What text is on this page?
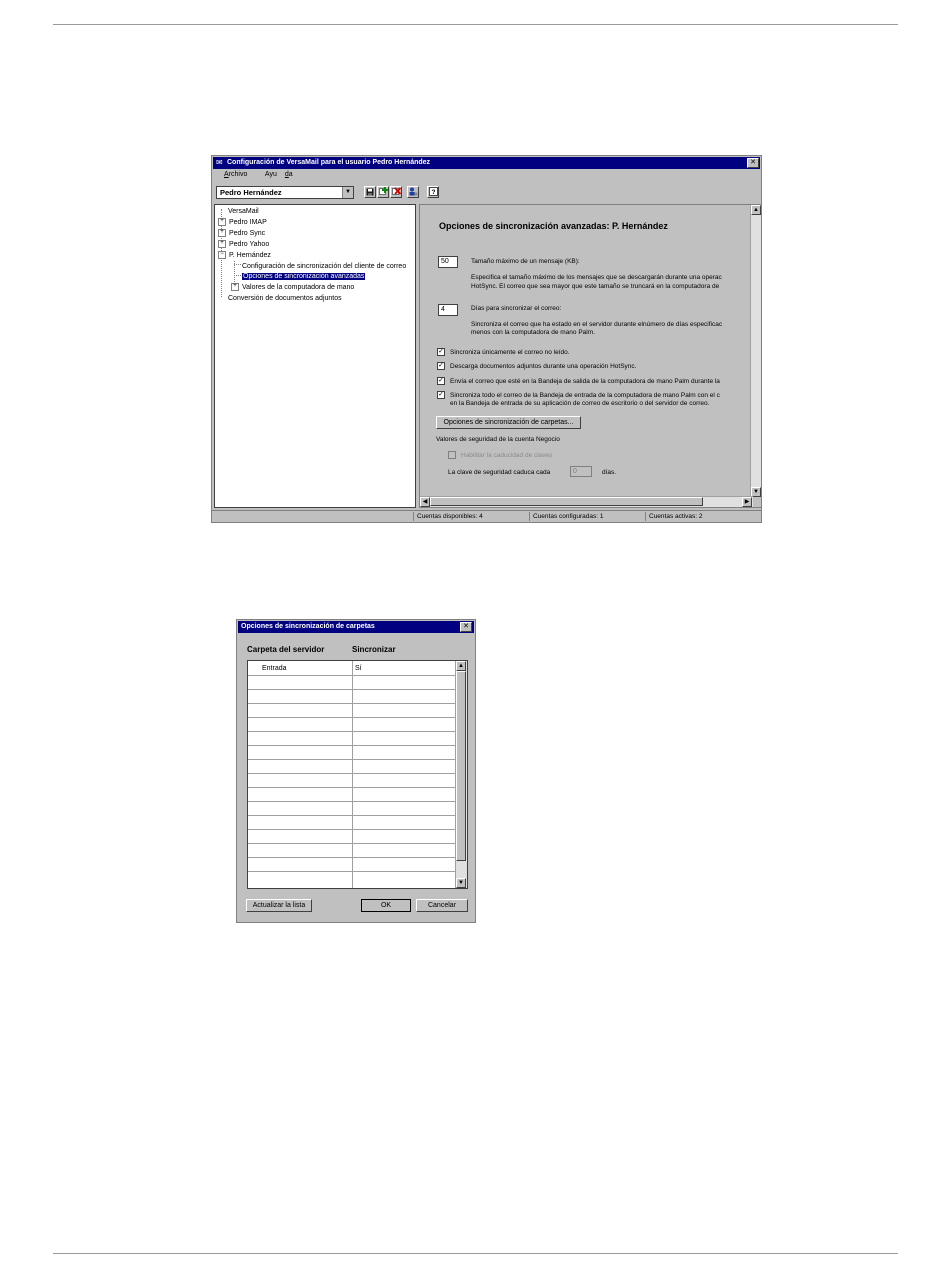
✉ Configuración de VersaMail para el usuario Pedro Hernández	✕
Archivo	Ayu da
Pedro Hernández	▼	?
VersaMail
+ Pedro IMAP
+ Pedro Sync
+ Pedro Yahoo
− P. Hernández
Configuración de sincronización del cliente de correo
Opciones de sincronización avanzadas
+ Valores de la computadora de mano
Conversión de documentos adjuntos
Opciones de sincronización avanzadas: P. Hernández
50	Tamaño máximo de un mensaje (KB):
Especifica el tamaño máximo de los mensajes que se descargarán durante una operac
HotSync. El correo que sea mayor que este tamaño se truncará en la computadora de
4	Días para sincronizar el correo:
Sincroniza el correo que ha estado en el servidor durante elnúmero de días especificac
menos con la computadora de mano Palm.
✓ Sincroniza únicamente el correo no leído.
✓ Descarga documentos adjuntos durante una operación HotSync.
✓ Envía el correo que esté en la Bandeja de salida de la computadora de mano Palm durante la
✓ Sincroniza todo el correo de la Bandeja de entrada de la computadora de mano Palm con el c
en la Bandeja de entrada de su aplicación de correo de escritorio o del servidor de correo.
Opciones de sincronización de carpetas...
Valores de seguridad de la cuenta Negocio
Habilitar la caducidad de claves
La clave de seguridad caduca cada	0	días.
▲
▼
◀	▶
Cuentas disponibles: 4	Cuentas configuradas: 1	Cuentas activas: 2
Opciones de sincronización de carpetas	✕
Carpeta del servidor	Sincronizar
Entrada	Sí	▲
▼
Actualizar la lista	OK	Cancelar
